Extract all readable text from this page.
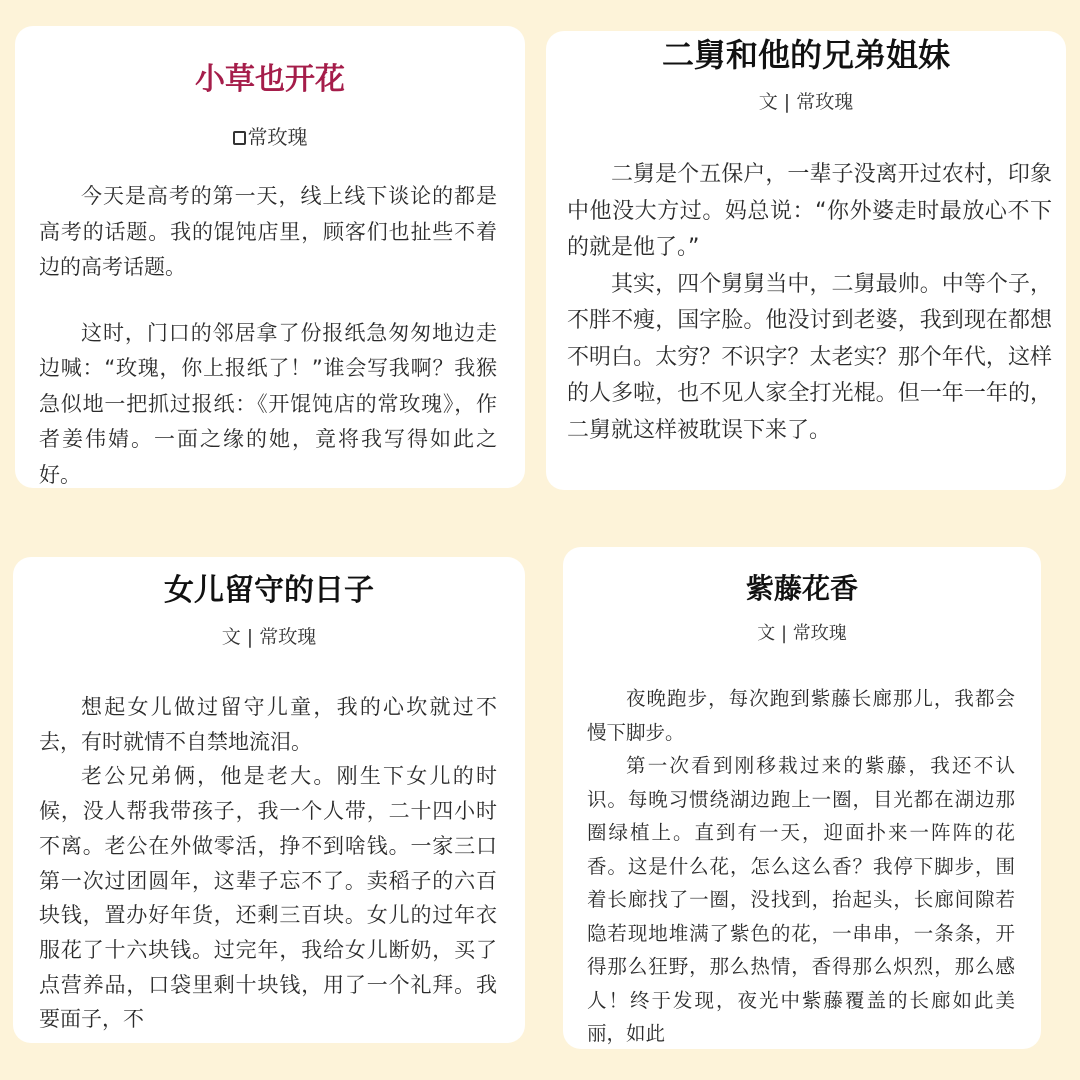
小草也开花
常玫瑰

今天是高考的第一天，线上线下谈论的都是高考的话题。我的馄饨店里，顾客们也扯些不着边的高考话题。

这时，门口的邻居拿了份报纸急匆匆地边走边喊：“玫瑰，你上报纸了！”谁会写我啊？我猴急似地一把抓过报纸：《开馄饨店的常玫瑰》，作者姜伟婧。一面之缘的她，竟将我写得如此之好。

二舅和他的兄弟姐妹
文 | 常玫瑰

二舅是个五保户，一辈子没离开过农村，印象中他没大方过。妈总说：“你外婆走时最放心不下的就是他了。”

其实，四个舅舅当中，二舅最帅。中等个子，不胖不瘦，国字脸。他没讨到老婆，我到现在都想不明白。太穷？不识字？太老实？那个年代，这样的人多啦，也不见人家全打光棍。但一年一年的，二舅就这样被耽误下来了。

女儿留守的日子
文 | 常玫瑰

想起女儿做过留守儿童，我的心坎就过不去，有时就情不自禁地流泪。

老公兄弟俩，他是老大。刚生下女儿的时候，没人帮我带孩子，我一个人带，二十四小时不离。老公在外做零活，挣不到啥钱。一家三口第一次过团圆年，这辈子忘不了。卖稻子的六百块钱，置办好年货，还剩三百块。女儿的过年衣服花了十六块钱。过完年，我给女儿断奶，买了点营养品，口袋里剩十块钱，用了一个礼拜。我要面子，不

紫藤花香
文 | 常玫瑰

夜晚跑步，每次跑到紫藤长廊那儿，我都会慢下脚步。

第一次看到刚移栽过来的紫藤，我还不认识。每晚习惯绕湖边跑上一圈，目光都在湖边那圈绿植上。直到有一天，迎面扑来一阵阵的花香。这是什么花，怎么这么香？我停下脚步，围着长廊找了一圈，没找到，抬起头，长廊间隙若隐若现地堆满了紫色的花，一串串，一条条，开得那么狂野，那么热情，香得那么炽烈，那么感人！终于发现，夜光中紫藤覆盖的长廊如此美丽，如此
